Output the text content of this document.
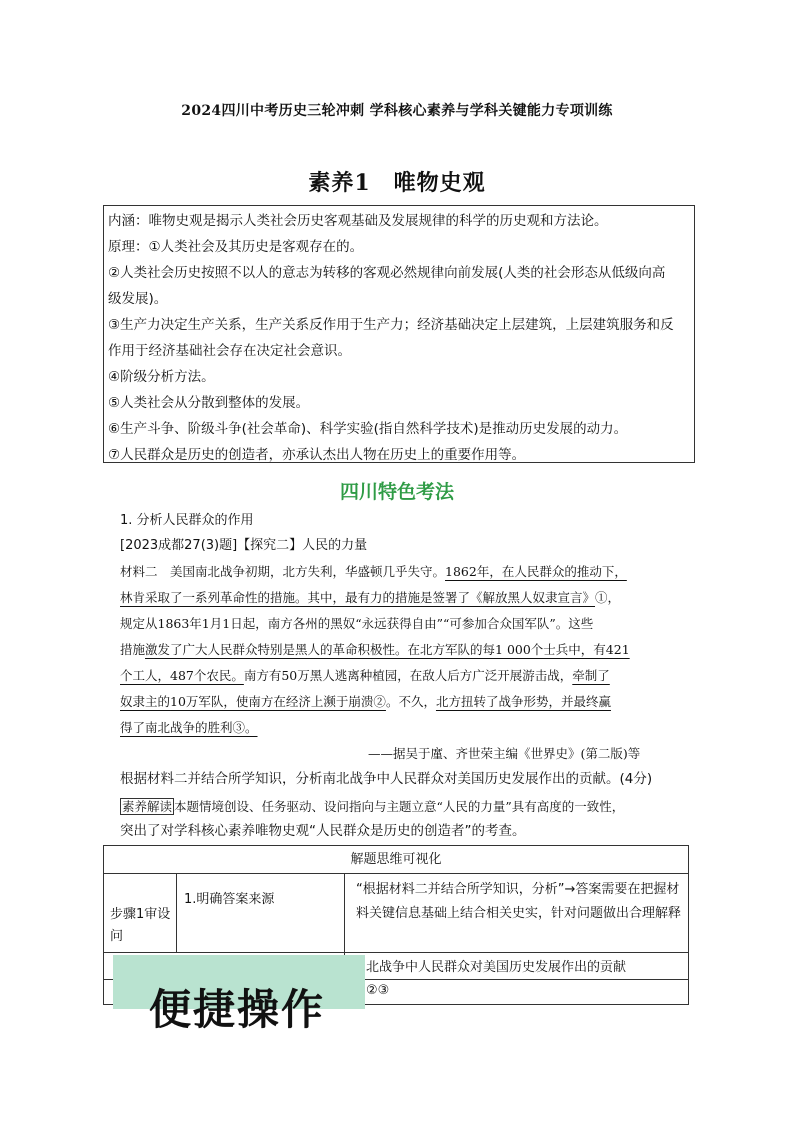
2024四川中考历史三轮冲刺 学科核心素养与学科关键能力专项训练
素养1　唯物史观
内涵：唯物史观是揭示人类社会历史客观基础及发展规律的科学的历史观和方法论。
原理：①人类社会及其历史是客观存在的。
②人类社会历史按照不以人的意志为转移的客观必然规律向前发展(人类的社会形态从低级向高
级发展)。
③生产力决定生产关系，生产关系反作用于生产力；经济基础决定上层建筑，上层建筑服务和反
作用于经济基础社会存在决定社会意识。
④阶级分析方法。
⑤人类社会从分散到整体的发展。
⑥生产斗争、阶级斗争(社会革命)、科学实验(指自然科学技术)是推动历史发展的动力。
⑦人民群众是历史的创造者，亦承认杰出人物在历史上的重要作用等。
四川特色考法
1. 分析人民群众的作用
[2023成都27(3)题]【探究二】人民的力量
材料二　美国南北战争初期，北方失利，华盛顿几乎失守。1862年，在人民群众的推动下，
林肯采取了一系列革命性的措施。其中，最有力的措施是签署了《解放黑人奴隶宣言》①，
规定从1863年1月1日起，南方各州的黑奴“永远获得自由”“可参加合众国军队”。这些
措施激发了广大人民群众特别是黑人的革命积极性。在北方军队的每1 000个士兵中，有421
个工人，487个农民。南方有50万黑人逃离种植园，在敌人后方广泛开展游击战，牵制了
奴隶主的10万军队，使南方在经济上濒于崩溃②。不久，北方扭转了战争形势，并最终赢
得了南北战争的胜利③。
——据吴于廑、齐世荣主编《世界史》(第二版)等
根据材料二并结合所学知识，分析南北战争中人民群众对美国历史发展作出的贡献。(4分)
素养解读 本题情境创设、任务驱动、设问指向与主题立意“人民的力量”具有高度的一致性，
突出了对学科核心素养唯物史观“人民群众是历史的创造者”的考查。
解题思维可视化
步骤1审设问
1.明确答案来源
“根据材料二并结合所学知识，分析”→答案需要在把握材料关键信息基础上结合相关史实，针对问题做出合理解释
北战争中人民群众对美国历史发展作出的贡献
②③
便捷操作
